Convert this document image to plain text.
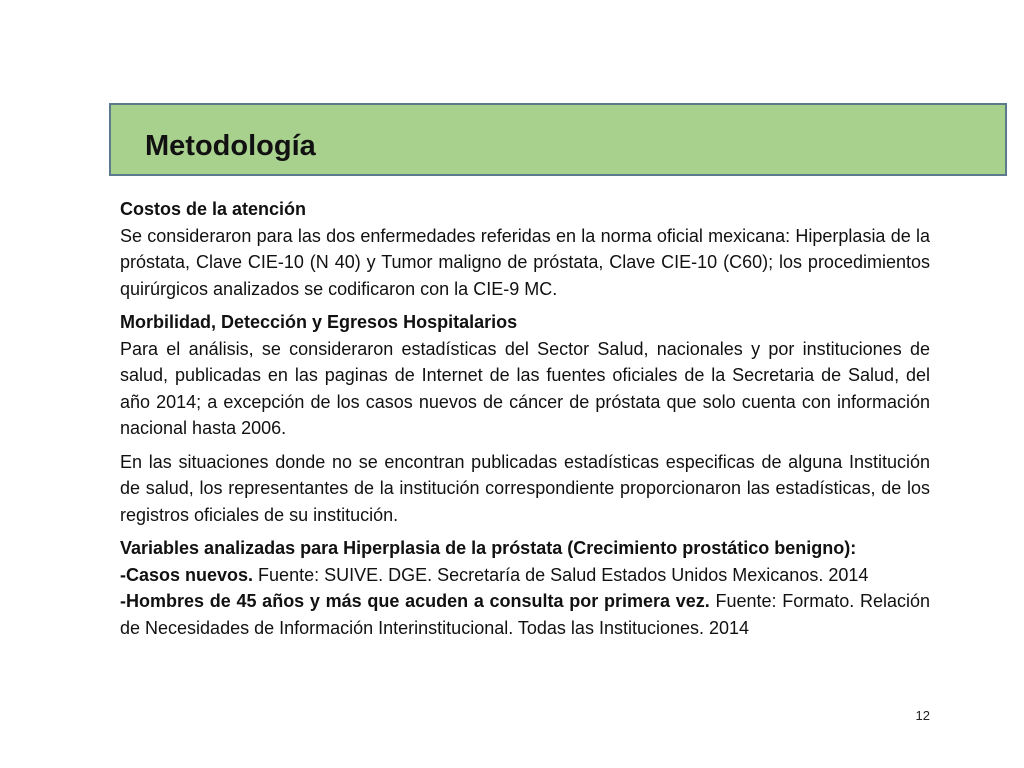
Metodología

Costos de la atención
Se consideraron para las dos enfermedades referidas en la norma oficial mexicana: Hiperplasia de la próstata, Clave CIE-10 (N 40) y Tumor maligno de próstata, Clave CIE-10 (C60); los procedimientos quirúrgicos analizados se codificaron con la CIE-9 MC.

Morbilidad, Detección y Egresos Hospitalarios
Para el análisis, se consideraron estadísticas del Sector Salud, nacionales y por instituciones de salud, publicadas en las paginas de Internet de las fuentes oficiales de la Secretaria de Salud, del año 2014; a excepción de los casos nuevos de cáncer de próstata que solo cuenta con información nacional hasta 2006.

En las situaciones donde no se encontran publicadas estadísticas especificas de alguna Institución de salud, los representantes de la institución correspondiente proporcionaron las estadísticas, de los registros oficiales de su institución.

Variables analizadas para Hiperplasia de la próstata (Crecimiento prostático benigno):
-Casos nuevos. Fuente: SUIVE. DGE. Secretaría de Salud Estados Unidos Mexicanos. 2014
-Hombres de 45 años y más que acuden a consulta por primera vez. Fuente: Formato. Relación de Necesidades de Información Interinstitucional. Todas las Instituciones. 2014

12
